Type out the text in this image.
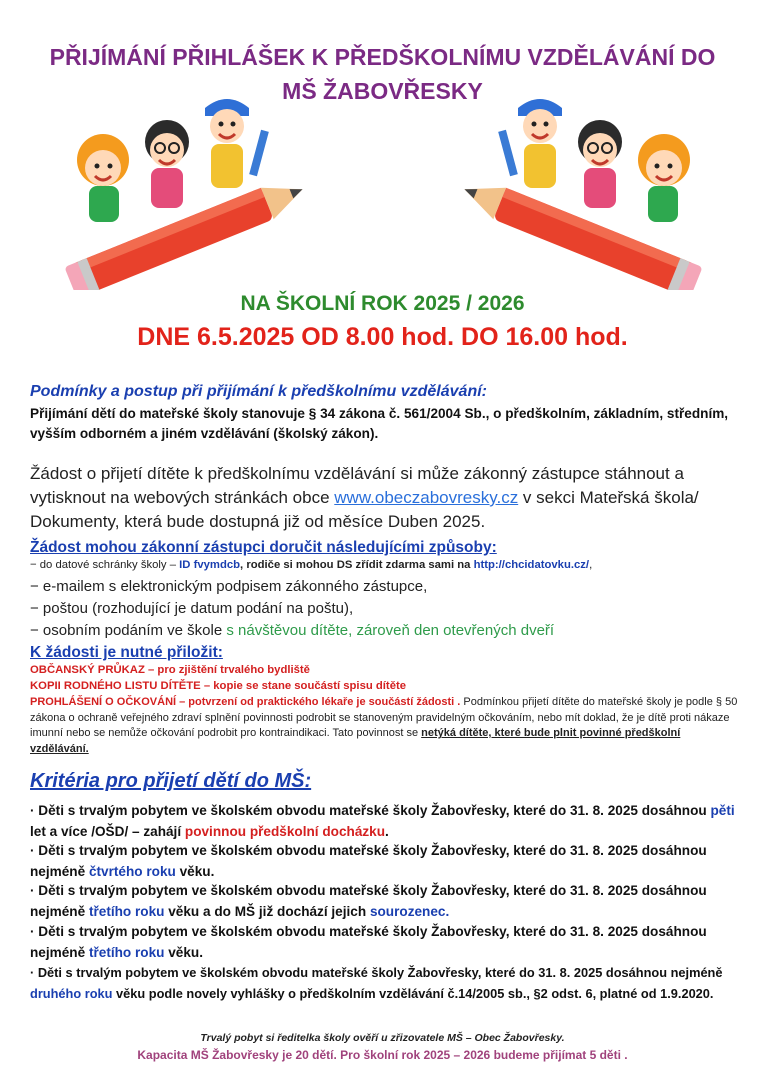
PŘIJÍMÁNÍ PŘIHLÁŠEK K PŘEDŠKOLNÍMU VZDĚLÁVÁNÍ DO MŠ ŽABOVŘESKY
NA ŠKOLNÍ ROK 2025 / 2026
DNE 6.5.2025 OD 8.00 hod. DO 16.00 hod.
Podmínky a postup při přijímání k předškolnímu vzdělávání:
Přijímání dětí do mateřské školy stanovuje § 34 zákona č. 561/2004 Sb., o předškolním, základním, středním, vyšším odborném a jiném vzdělávání (školský zákon).
Žádost o přijetí dítěte k předškolnímu vzdělávání si může zákonný zástupce stáhnout a vytisknout na webových stránkách obce www.obeczabovresky.cz v sekci Mateřská škola/ Dokumenty, která bude dostupná již od měsíce Duben 2025.
Žádost mohou zákonní zástupci doručit následujícími způsoby:
− do datové schránky školy – ID fvymdcb, rodiče si mohou DS zřídit zdarma sami na http://chcidatovku.cz/,
− e-mailem s elektronickým podpisem zákonného zástupce,
− poštou (rozhodující je datum podání na poštu),
− osobním podáním ve škole s návštěvou dítěte, zároveň den otevřených dveří
K žádosti je nutné přiložit:
OBČANSKÝ PRŮKAZ – pro zjištění trvalého bydliště
KOPII RODNÉHO LISTU DÍTĚTE – kopie se stane součástí spisu dítěte
PROHLÁŠENÍ O OČKOVÁNÍ – potvrzení od praktického lékaře je součástí žádosti . Podmínkou přijetí dítěte do mateřské školy je podle § 50 zákona o ochraně veřejného zdraví splnění povinnosti podrobit se stanoveným pravidelným očkováním, nebo mít doklad, že je dítě proti nákaze imunní nebo se nemůže očkování podrobit pro kontraindikaci. Tato povinnost se netýká dítěte, které bude plnit povinné předškolní vzdělávání.
Kritéria pro přijetí dětí do MŠ:
· Děti s trvalým pobytem ve školském obvodu mateřské školy Žabovřesky, které do 31. 8. 2025 dosáhnou pěti let a více /OŠD/ – zahájí povinnou předškolní docházku.
· Děti s trvalým pobytem ve školském obvodu mateřské školy Žabovřesky, které do 31. 8. 2025 dosáhnou nejméně čtvrtého roku věku.
· Děti s trvalým pobytem ve školském obvodu mateřské školy Žabovřesky, které do 31. 8. 2025 dosáhnou nejméně třetího roku věku a do MŠ již dochází jejich sourozenec.
· Děti s trvalým pobytem ve školském obvodu mateřské školy Žabovřesky, které do 31. 8. 2025 dosáhnou nejméně třetího roku věku.
· Děti s trvalým pobytem ve školském obvodu mateřské školy Žabovřesky, které do 31. 8. 2025 dosáhnou nejméně druhého roku věku podle novely vyhlášky o předškolním vzdělávání č.14/2005 sb., §2 odst. 6, platné od 1.9.2020.
Trvalý pobyt si ředitelka školy ověří u zřizovatele MŠ – Obec Žabovřesky.
Kapacita MŠ Žabovřesky je 20 dětí. Pro školní rok 2025 – 2026 budeme přijímat 5 děti .
